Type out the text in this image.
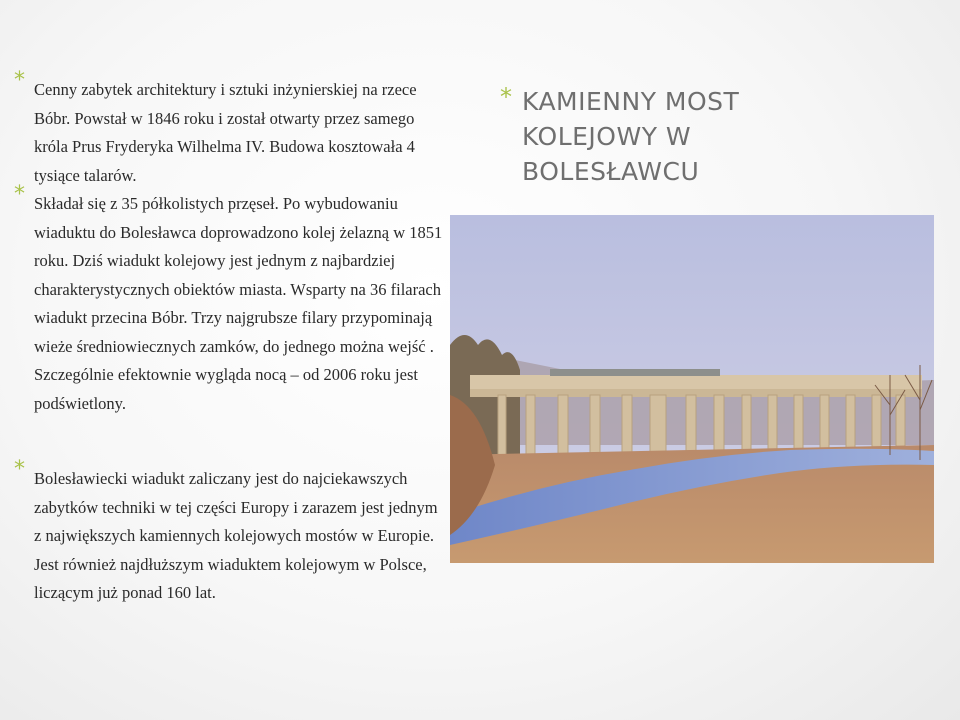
* Cenny zabytek architektury i sztuki inżynierskiej na rzece Bóbr. Powstał w 1846 roku i został otwarty przez samego króla Prus Fryderyka Wilhelma IV. Budowa kosztowała 4 tysiące talarów.
* Składał się z 35 półkolistych przęseł. Po wybudowaniu wiaduktu do Bolesławca doprowadzono kolej żelazną w 1851 roku. Dziś wiadukt kolejowy jest jednym z najbardziej charakterystycznych obiektów miasta. Wsparty na 36 filarach wiadukt przecina Bóbr. Trzy najgrubsze filary przypominają wieże średniowiecznych zamków, do jednego można wejść . Szczególnie efektownie wygląda nocą – od 2006 roku jest podświetlony.
* Bolesławiecki wiadukt zaliczany jest do najciekawszych zabytków techniki w tej części Europy i zarazem jest jednym z największych kamiennych kolejowych mostów w Europie. Jest również najdłuższym wiaduktem kolejowym w Polsce, liczącym już ponad 160 lat.
* KAMIENNY MOST KOLEJOWY W BOLESŁAWCU
